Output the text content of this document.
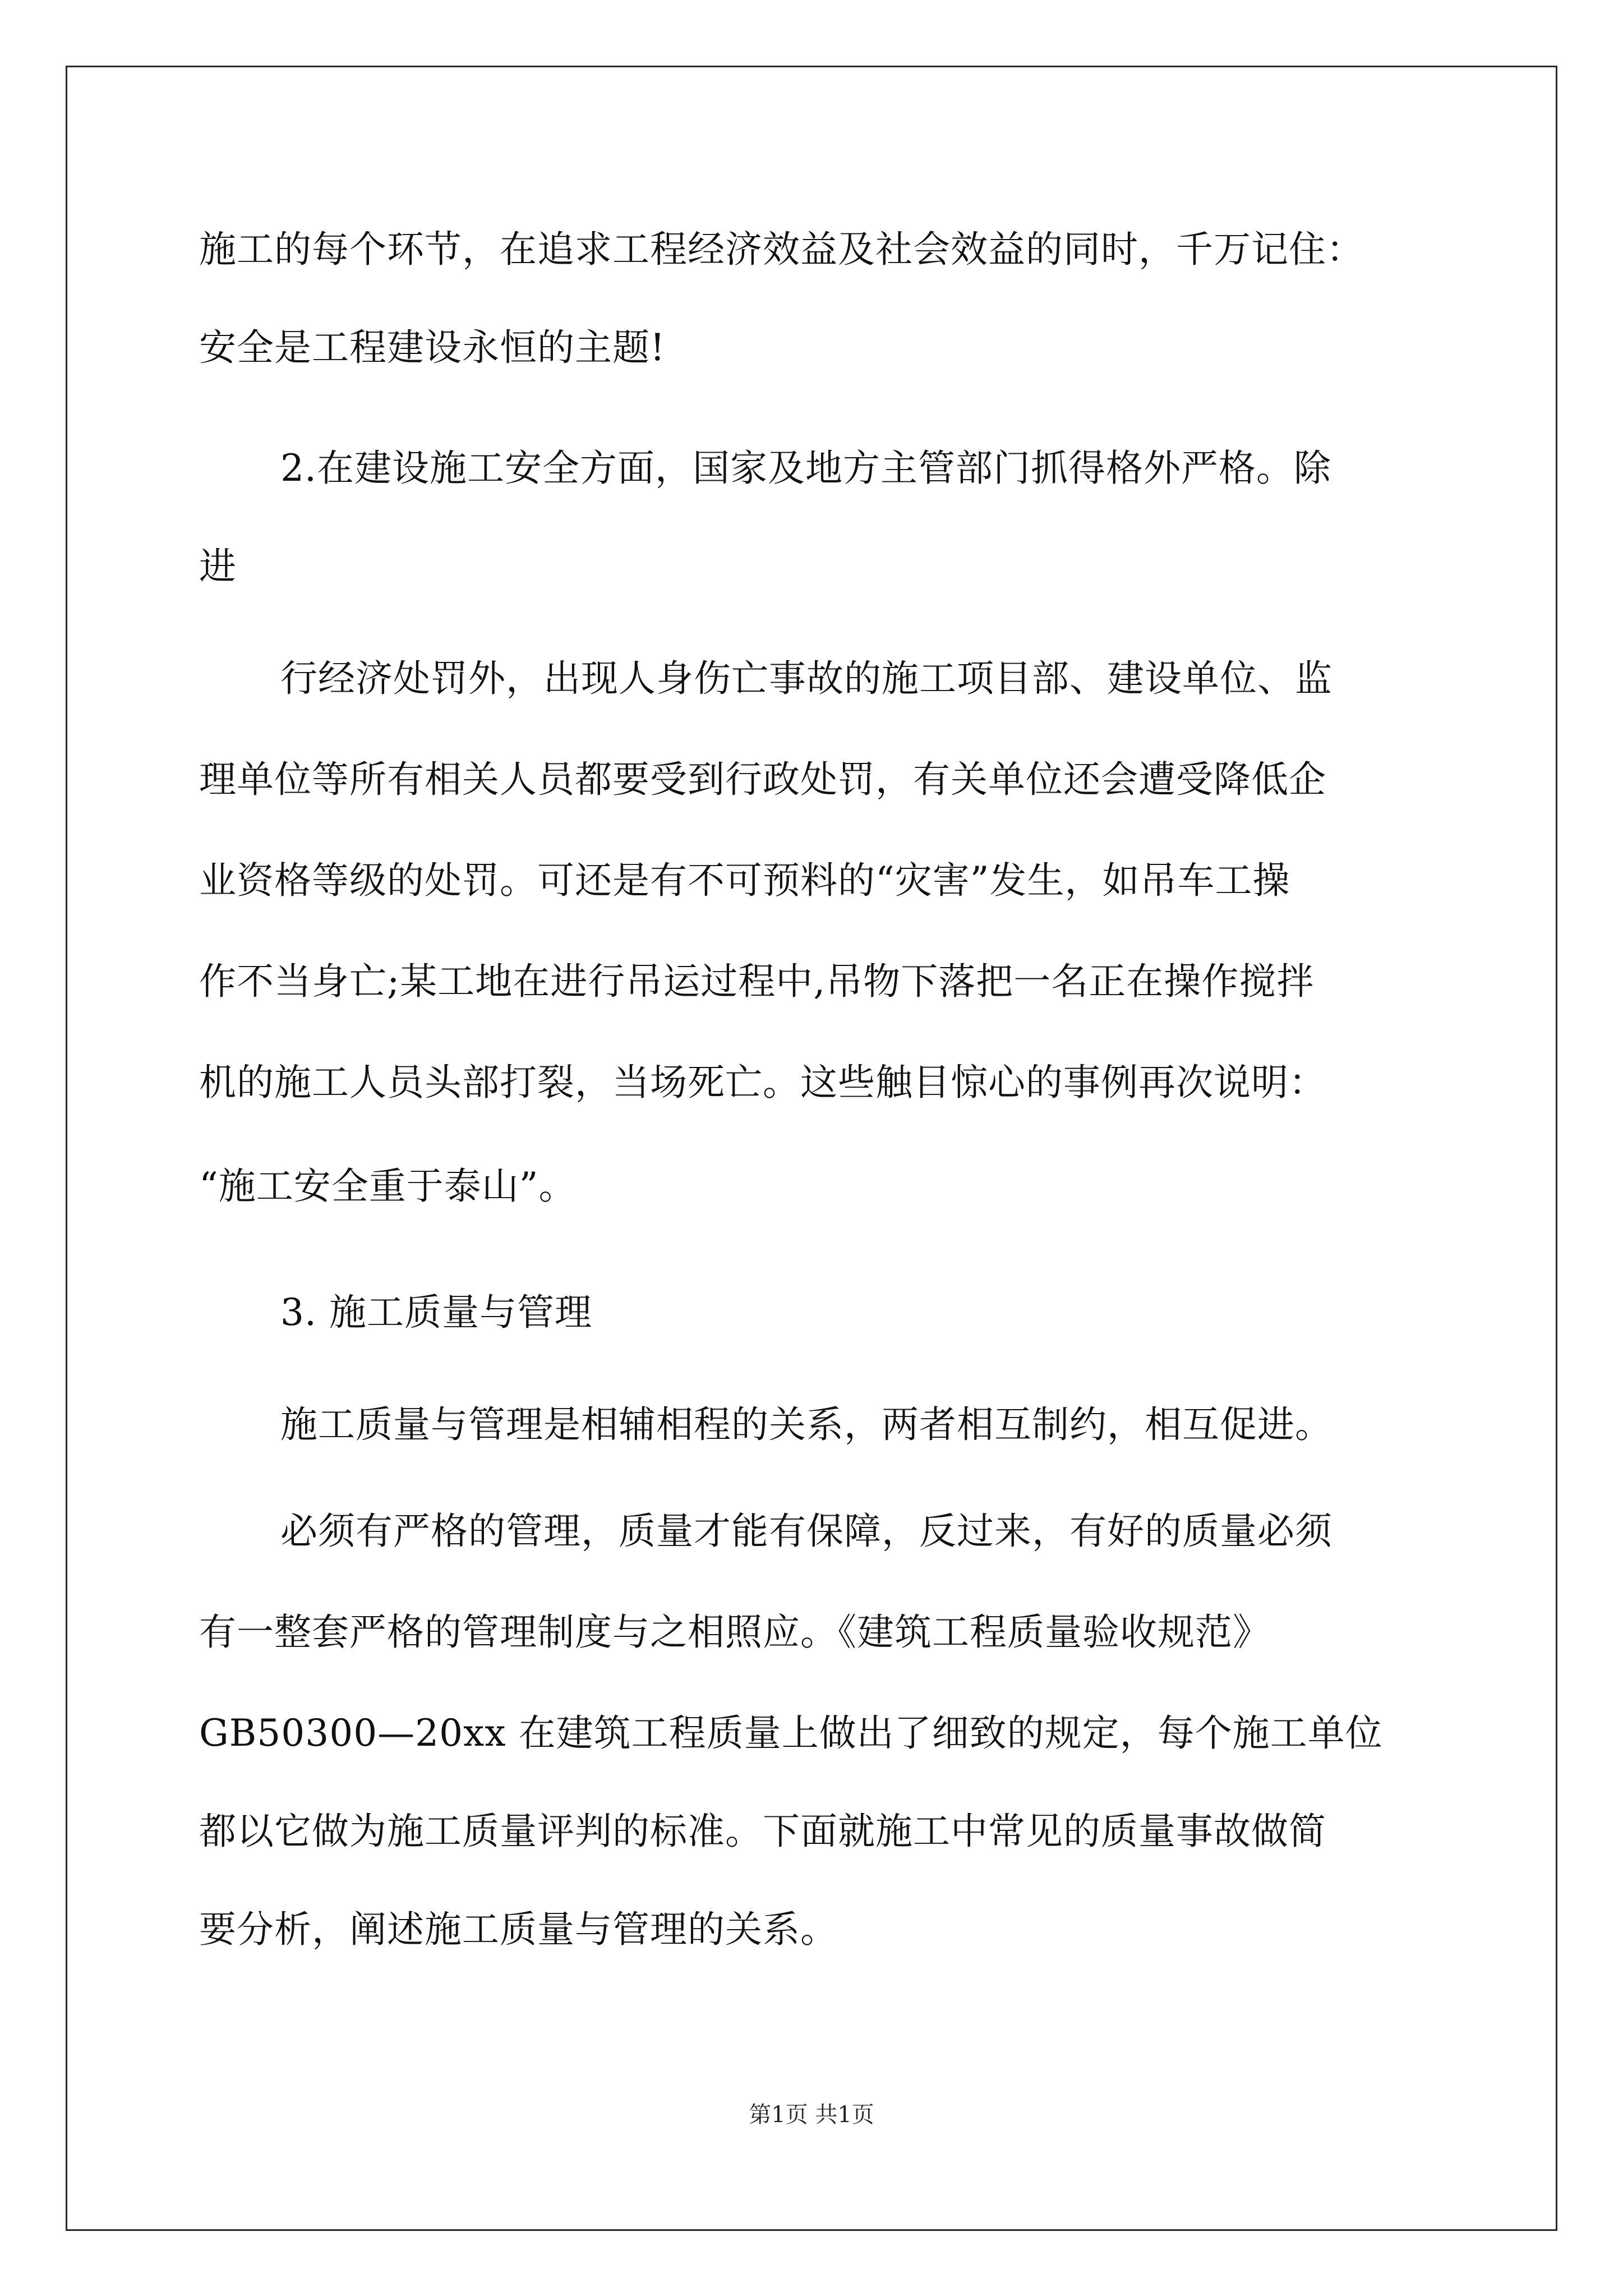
施工的每个环节，在追求工程经济效益及社会效益的同时，千万记住：
安全是工程建设永恒的主题!
2.在建设施工安全方面，国家及地方主管部门抓得格外严格。除
进
行经济处罚外，出现人身伤亡事故的施工项目部、建设单位、监
理单位等所有相关人员都要受到行政处罚，有关单位还会遭受降低企
业资格等级的处罚。可还是有不可预料的“灾害”发生，如吊车工操
作不当身亡;某工地在进行吊运过程中,吊物下落把一名正在操作搅拌
机的施工人员头部打裂，当场死亡。这些触目惊心的事例再次说明：
“施工安全重于泰山”。
3. 施工质量与管理
施工质量与管理是相辅相程的关系，两者相互制约，相互促进。
必须有严格的管理，质量才能有保障，反过来，有好的质量必须
有一整套严格的管理制度与之相照应。《建筑工程质量验收规范》
GB50300—20xx 在建筑工程质量上做出了细致的规定，每个施工单位
都以它做为施工质量评判的标准。下面就施工中常见的质量事故做简
要分析，阐述施工质量与管理的关系。
第1页 共1页
